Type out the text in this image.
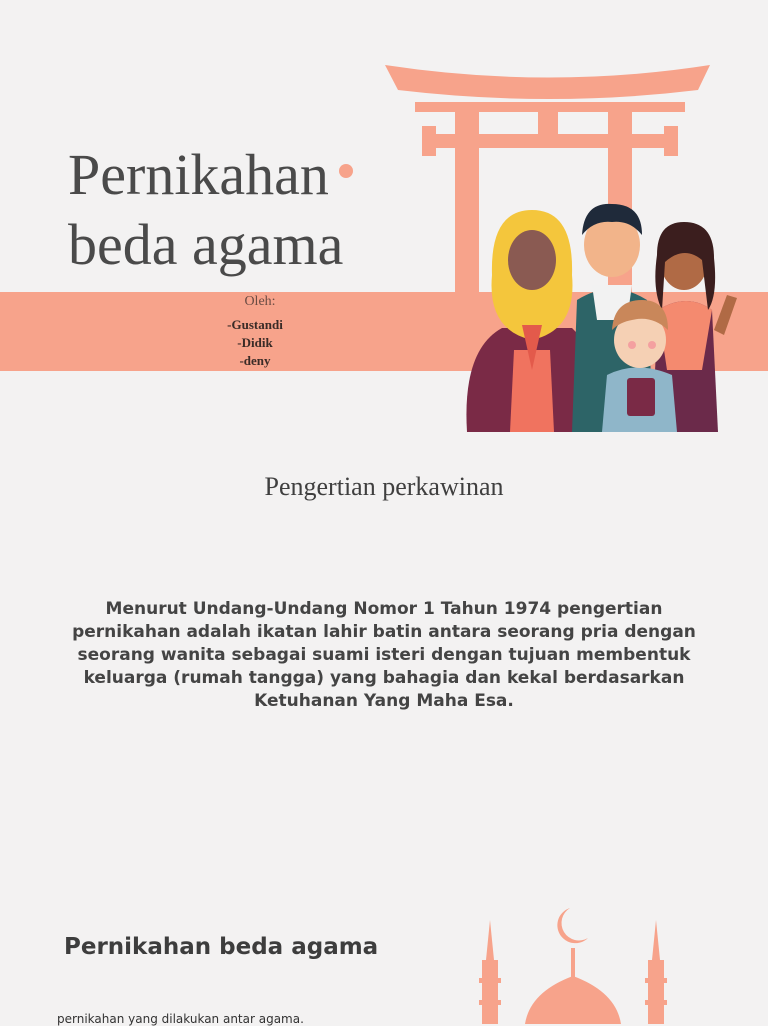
Pernikahan
beda agama
Oleh:
-Gustandi
-Didik
-deny
Pengertian perkawinan

Menurut Undang-Undang Nomor 1 Tahun 1974 pengertian pernikahan adalah ikatan lahir batin antara seorang pria dengan seorang wanita sebagai suami isteri dengan tujuan membentuk keluarga (rumah tangga) yang bahagia dan kekal berdasarkan Ketuhanan Yang Maha Esa.

Pernikahan beda agama

pernikahan yang dilakukan antar agama.
